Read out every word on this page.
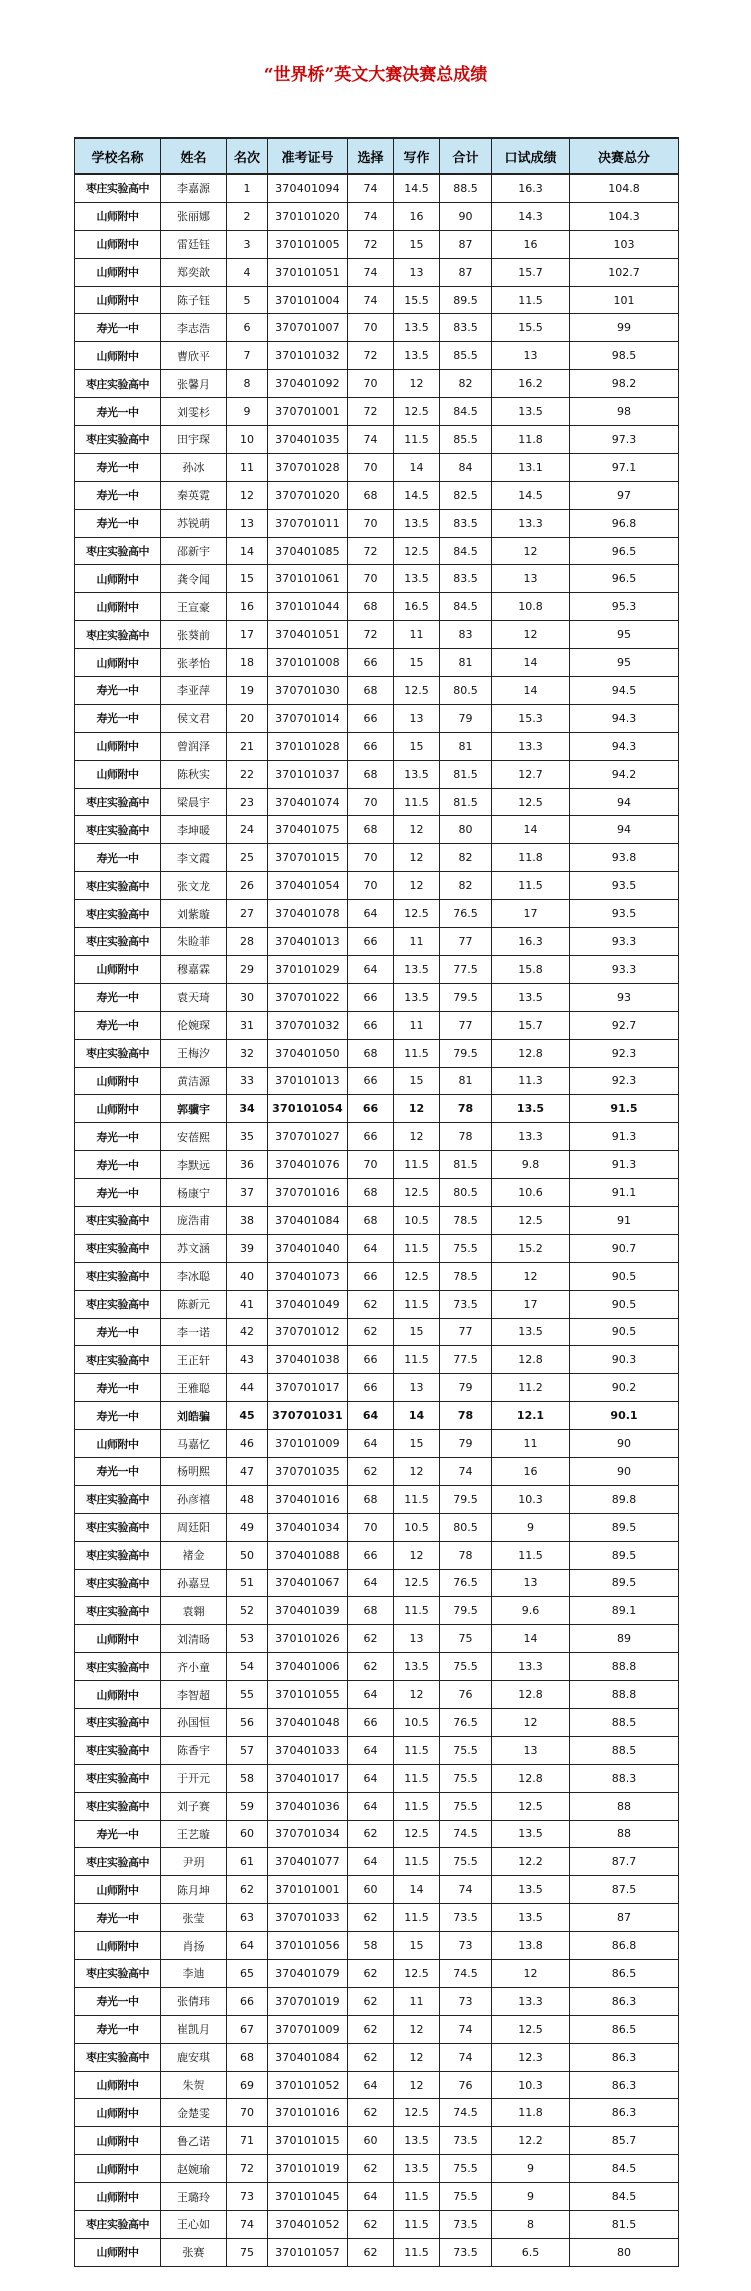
“世界桥”英文大赛决赛总成绩
学校名称	姓名	名次	准考证号	选择	写作	合计	口试成绩	决赛总分
枣庄实验高中	李嘉源	1	370401094	74	14.5	88.5	16.3	104.8
山师附中	张丽娜	2	370101020	74	16	90	14.3	104.3
山师附中	雷廷钰	3	370101005	72	15	87	16	103
山师附中	郑奕歆	4	370101051	74	13	87	15.7	102.7
山师附中	陈子钰	5	370101004	74	15.5	89.5	11.5	101
寿光一中	李志浩	6	370701007	70	13.5	83.5	15.5	99
山师附中	曹欣平	7	370101032	72	13.5	85.5	13	98.5
枣庄实验高中	张馨月	8	370401092	70	12	82	16.2	98.2
寿光一中	刘雯杉	9	370701001	72	12.5	84.5	13.5	98
枣庄实验高中	田宇琛	10	370401035	74	11.5	85.5	11.8	97.3
寿光一中	孙冰	11	370701028	70	14	84	13.1	97.1
寿光一中	秦英霓	12	370701020	68	14.5	82.5	14.5	97
寿光一中	苏锐萌	13	370701011	70	13.5	83.5	13.3	96.8
枣庄实验高中	邵新宇	14	370401085	72	12.5	84.5	12	96.5
山师附中	龚令闻	15	370101061	70	13.5	83.5	13	96.5
山师附中	王宣豪	16	370101044	68	16.5	84.5	10.8	95.3
枣庄实验高中	张葵前	17	370401051	72	11	83	12	95
山师附中	张孝怡	18	370101008	66	15	81	14	95
寿光一中	李亚萍	19	370701030	68	12.5	80.5	14	94.5
寿光一中	侯文君	20	370701014	66	13	79	15.3	94.3
山师附中	曾润泽	21	370101028	66	15	81	13.3	94.3
山师附中	陈秋实	22	370101037	68	13.5	81.5	12.7	94.2
枣庄实验高中	梁晨宇	23	370401074	70	11.5	81.5	12.5	94
枣庄实验高中	李坤暖	24	370401075	68	12	80	14	94
寿光一中	李文霞	25	370701015	70	12	82	11.8	93.8
枣庄实验高中	张文龙	26	370401054	70	12	82	11.5	93.5
枣庄实验高中	刘紫璇	27	370401078	64	12.5	76.5	17	93.5
枣庄实验高中	朱睑菲	28	370401013	66	11	77	16.3	93.3
山师附中	穆嘉霖	29	370101029	64	13.5	77.5	15.8	93.3
寿光一中	袁天琦	30	370701022	66	13.5	79.5	13.5	93
寿光一中	伦婉琛	31	370701032	66	11	77	15.7	92.7
枣庄实验高中	王梅汐	32	370401050	68	11.5	79.5	12.8	92.3
山师附中	黄洁源	33	370101013	66	15	81	11.3	92.3
山师附中	郭骥宇	34	370101054	66	12	78	13.5	91.5
寿光一中	安蓓熙	35	370701027	66	12	78	13.3	91.3
寿光一中	李默远	36	370401076	70	11.5	81.5	9.8	91.3
寿光一中	杨康宁	37	370701016	68	12.5	80.5	10.6	91.1
枣庄实验高中	庞浩甫	38	370401084	68	10.5	78.5	12.5	91
枣庄实验高中	苏文涵	39	370401040	64	11.5	75.5	15.2	90.7
枣庄实验高中	李冰聪	40	370401073	66	12.5	78.5	12	90.5
枣庄实验高中	陈新元	41	370401049	62	11.5	73.5	17	90.5
寿光一中	李一诺	42	370701012	62	15	77	13.5	90.5
枣庄实验高中	王正轩	43	370401038	66	11.5	77.5	12.8	90.3
寿光一中	王雅聪	44	370701017	66	13	79	11.2	90.2
寿光一中	刘皓骗	45	370701031	64	14	78	12.1	90.1
山师附中	马嘉忆	46	370101009	64	15	79	11	90
寿光一中	杨明熙	47	370701035	62	12	74	16	90
枣庄实验高中	孙彦禧	48	370401016	68	11.5	79.5	10.3	89.8
枣庄实验高中	周廷阳	49	370401034	70	10.5	80.5	9	89.5
枣庄实验高中	褚金	50	370401088	66	12	78	11.5	89.5
枣庄实验高中	孙嘉昱	51	370401067	64	12.5	76.5	13	89.5
枣庄实验高中	袁翱	52	370401039	68	11.5	79.5	9.6	89.1
山师附中	刘清旸	53	370101026	62	13	75	14	89
枣庄实验高中	齐小童	54	370401006	62	13.5	75.5	13.3	88.8
山师附中	李智超	55	370101055	64	12	76	12.8	88.8
枣庄实验高中	孙国恒	56	370401048	66	10.5	76.5	12	88.5
枣庄实验高中	陈香宇	57	370401033	64	11.5	75.5	13	88.5
枣庄实验高中	于开元	58	370401017	64	11.5	75.5	12.8	88.3
枣庄实验高中	刘子赛	59	370401036	64	11.5	75.5	12.5	88
寿光一中	王艺璇	60	370701034	62	12.5	74.5	13.5	88
枣庄实验高中	尹玥	61	370401077	64	11.5	75.5	12.2	87.7
山师附中	陈月坤	62	370101001	60	14	74	13.5	87.5
寿光一中	张莹	63	370701033	62	11.5	73.5	13.5	87
山师附中	肖扬	64	370101056	58	15	73	13.8	86.8
枣庄实验高中	李迪	65	370401079	62	12.5	74.5	12	86.5
寿光一中	张倩玮	66	370701019	62	11	73	13.3	86.3
寿光一中	崔凯月	67	370701009	62	12	74	12.5	86.5
枣庄实验高中	鹿安琪	68	370401084	62	12	74	12.3	86.3
山师附中	朱贺	69	370101052	64	12	76	10.3	86.3
山师附中	金楚雯	70	370101016	62	12.5	74.5	11.8	86.3
山师附中	鲁乙诺	71	370101015	60	13.5	73.5	12.2	85.7
山师附中	赵婉瑜	72	370101019	62	13.5	75.5	9	84.5
山师附中	王璐玲	73	370101045	64	11.5	75.5	9	84.5
枣庄实验高中	王心如	74	370401052	62	11.5	73.5	8	81.5
山师附中	张赛	75	370101057	62	11.5	73.5	6.5	80
